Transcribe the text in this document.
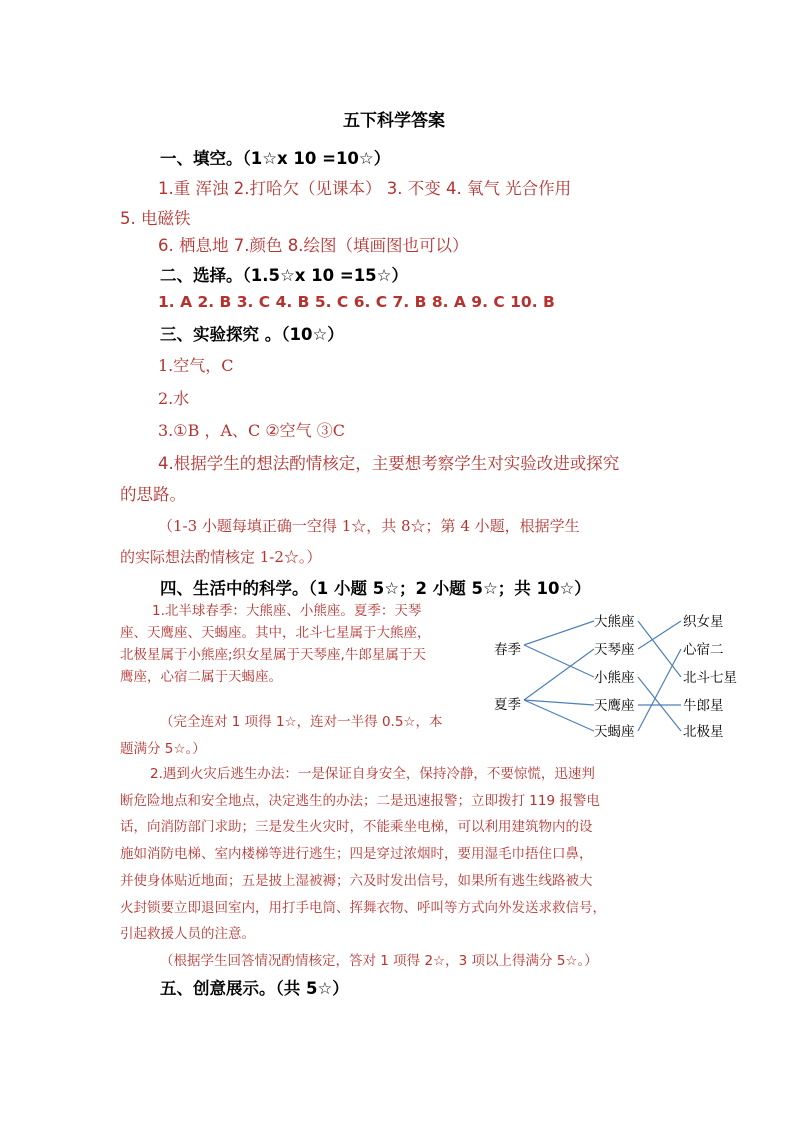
五下科学答案
一、填空。（1☆x 10 =10☆）
1.重 浑浊 2.打哈欠（见课本） 3. 不变 4. 氧气 光合作用
5. 电磁铁
6. 栖息地 7.颜色 8.绘图（填画图也可以）
二、选择。（1.5☆x 10 =15☆）
1. A 2. B 3. C 4. B 5. C 6. C 7. B 8. A 9. C 10. B
三、实验探究 。（10☆）
1.空气，C
2.水
3.①B ，A、C ②空气 ③C
4.根据学生的想法酌情核定，主要想考察学生对实验改进或探究
的思路。
（1-3 小题每填正确一空得 1☆，共 8☆；第 4 小题，根据学生
的实际想法酌情核定 1-2☆。）
四、生活中的科学。（1 小题 5☆；2 小题 5☆；共 10☆）
1.北半球春季：大熊座、小熊座。夏季：天琴
座、天鹰座、天蝎座。其中，北斗七星属于大熊座，
北极星属于小熊座;织女星属于天琴座,牛郎星属于天
鹰座，心宿二属于天蝎座。
（完全连对 1 项得 1☆，连对一半得 0.5☆，本
题满分 5☆。）
春季
夏季
大熊座
天琴座
小熊座
天鹰座
天蝎座
织女星
心宿二
北斗七星
牛郎星
北极星
2.遇到火灾后逃生办法：一是保证自身安全，保持冷静，不要惊慌，迅速判
断危险地点和安全地点，决定逃生的办法；二是迅速报警；立即拨打 119 报警电
话，向消防部门求助；三是发生火灾时，不能乘坐电梯，可以利用建筑物内的设
施如消防电梯、室内楼梯等进行逃生；四是穿过浓烟时，要用湿毛巾捂住口鼻，
并使身体贴近地面；五是披上湿被褥；六及时发出信号，如果所有逃生线路被大
火封锁要立即退回室内，用打手电筒、挥舞衣物、呼叫等方式向外发送求救信号，
引起救援人员的注意。
（根据学生回答情况酌情核定，答对 1 项得 2☆，3 项以上得满分 5☆。）
五、创意展示。（共 5☆）
